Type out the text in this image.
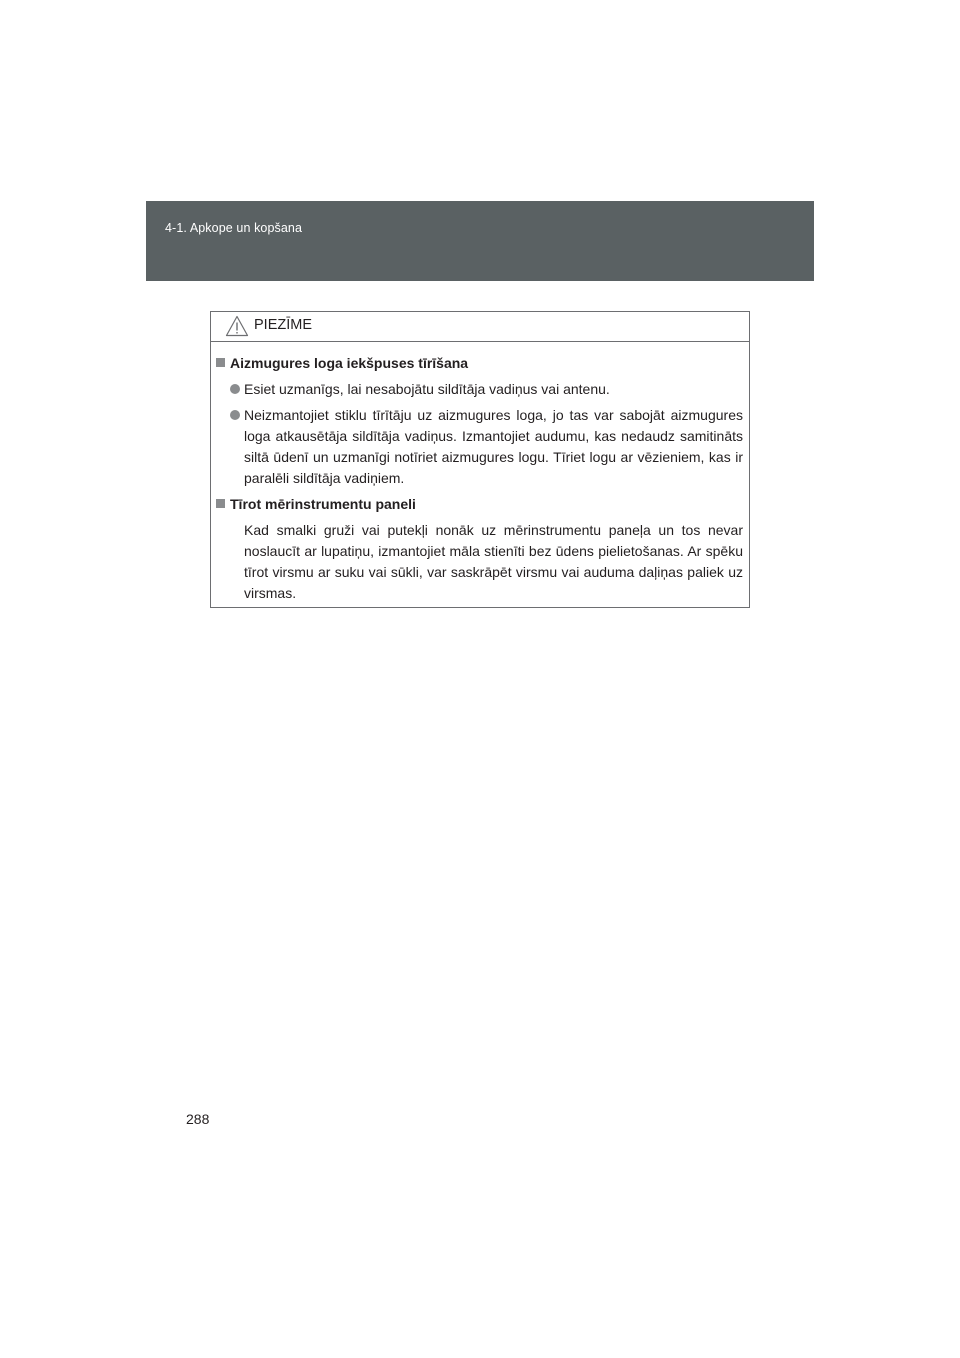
4-1. Apkope un kopšana
PIEZĪME
Aizmugures loga iekšpuses tīrīšana
Esiet uzmanīgs, lai nesabojātu sildītāja vadiņus vai antenu.
Neizmantojiet stiklu tīrītāju uz aizmugures loga, jo tas var sabojāt aizmugures loga atkausētāja sildītāja vadiņus. Izmantojiet audumu, kas nedaudz samitināts siltā ūdenī un uzmanīgi notīriet aizmugures logu. Tīriet logu ar vēzieniem, kas ir paralēli sildītāja vadiņiem.
Tīrot mērinstrumentu paneli
Kad smalki gruži vai putekļi nonāk uz mērinstrumentu paneļa un tos nevar noslaucīt ar lupatiņu, izmantojiet māla stienīti bez ūdens pielietošanas. Ar spēku tīrot virsmu ar suku vai sūkli, var saskrāpēt virsmu vai auduma daļiņas paliek uz virsmas.
288
